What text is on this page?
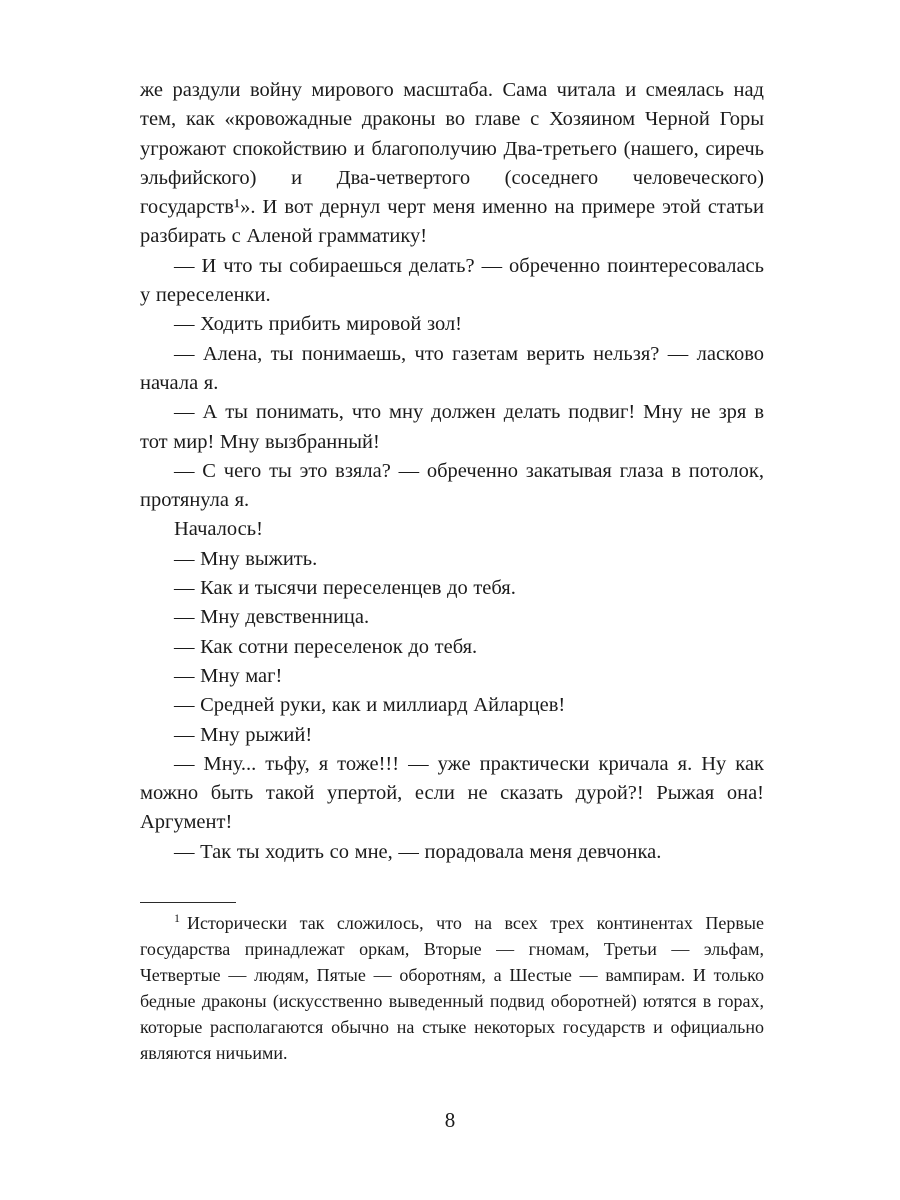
же раздули войну мирового масштаба. Сама читала и смеялась над тем, как «кровожадные драконы во главе с Хозяином Черной Горы угрожают спокойствию и благополучию Два-третьего (нашего, сиречь эльфийского) и Два-четвертого (соседнего человеческого) государств¹». И вот дернул черт меня именно на примере этой статьи разбирать с Аленой грамматику!

— И что ты собираешься делать? — обреченно поинтересовалась у переселенки.

— Ходить прибить мировой зол!

— Алена, ты понимаешь, что газетам верить нельзя? — ласково начала я.

— А ты понимать, что мну должен делать подвиг! Мну не зря в тот мир! Мну вызбранный!

— С чего ты это взяла? — обреченно закатывая глаза в потолок, протянула я.

Началось!

— Мну выжить.

— Как и тысячи переселенцев до тебя.

— Мну девственница.

— Как сотни переселенок до тебя.

— Мну маг!

— Средней руки, как и миллиард Айларцев!

— Мну рыжий!

— Мну... тьфу, я тоже!!! — уже практически кричала я. Ну как можно быть такой упертой, если не сказать дурой?! Рыжая она! Аргумент!

— Так ты ходить со мне, — порадовала меня девчонка.

$^1$ Исторически так сложилось, что на всех трех континентах Первые государства принадлежат оркам, Вторые — гномам, Третьи — эльфам, Четвертые — людям, Пятые — оборотням, а Шестые — вампирам. И только бедные драконы (искусственно выведенный подвид оборотней) ютятся в горах, которые располагаются обычно на стыке некоторых государств и официально являются ничьими.

8
